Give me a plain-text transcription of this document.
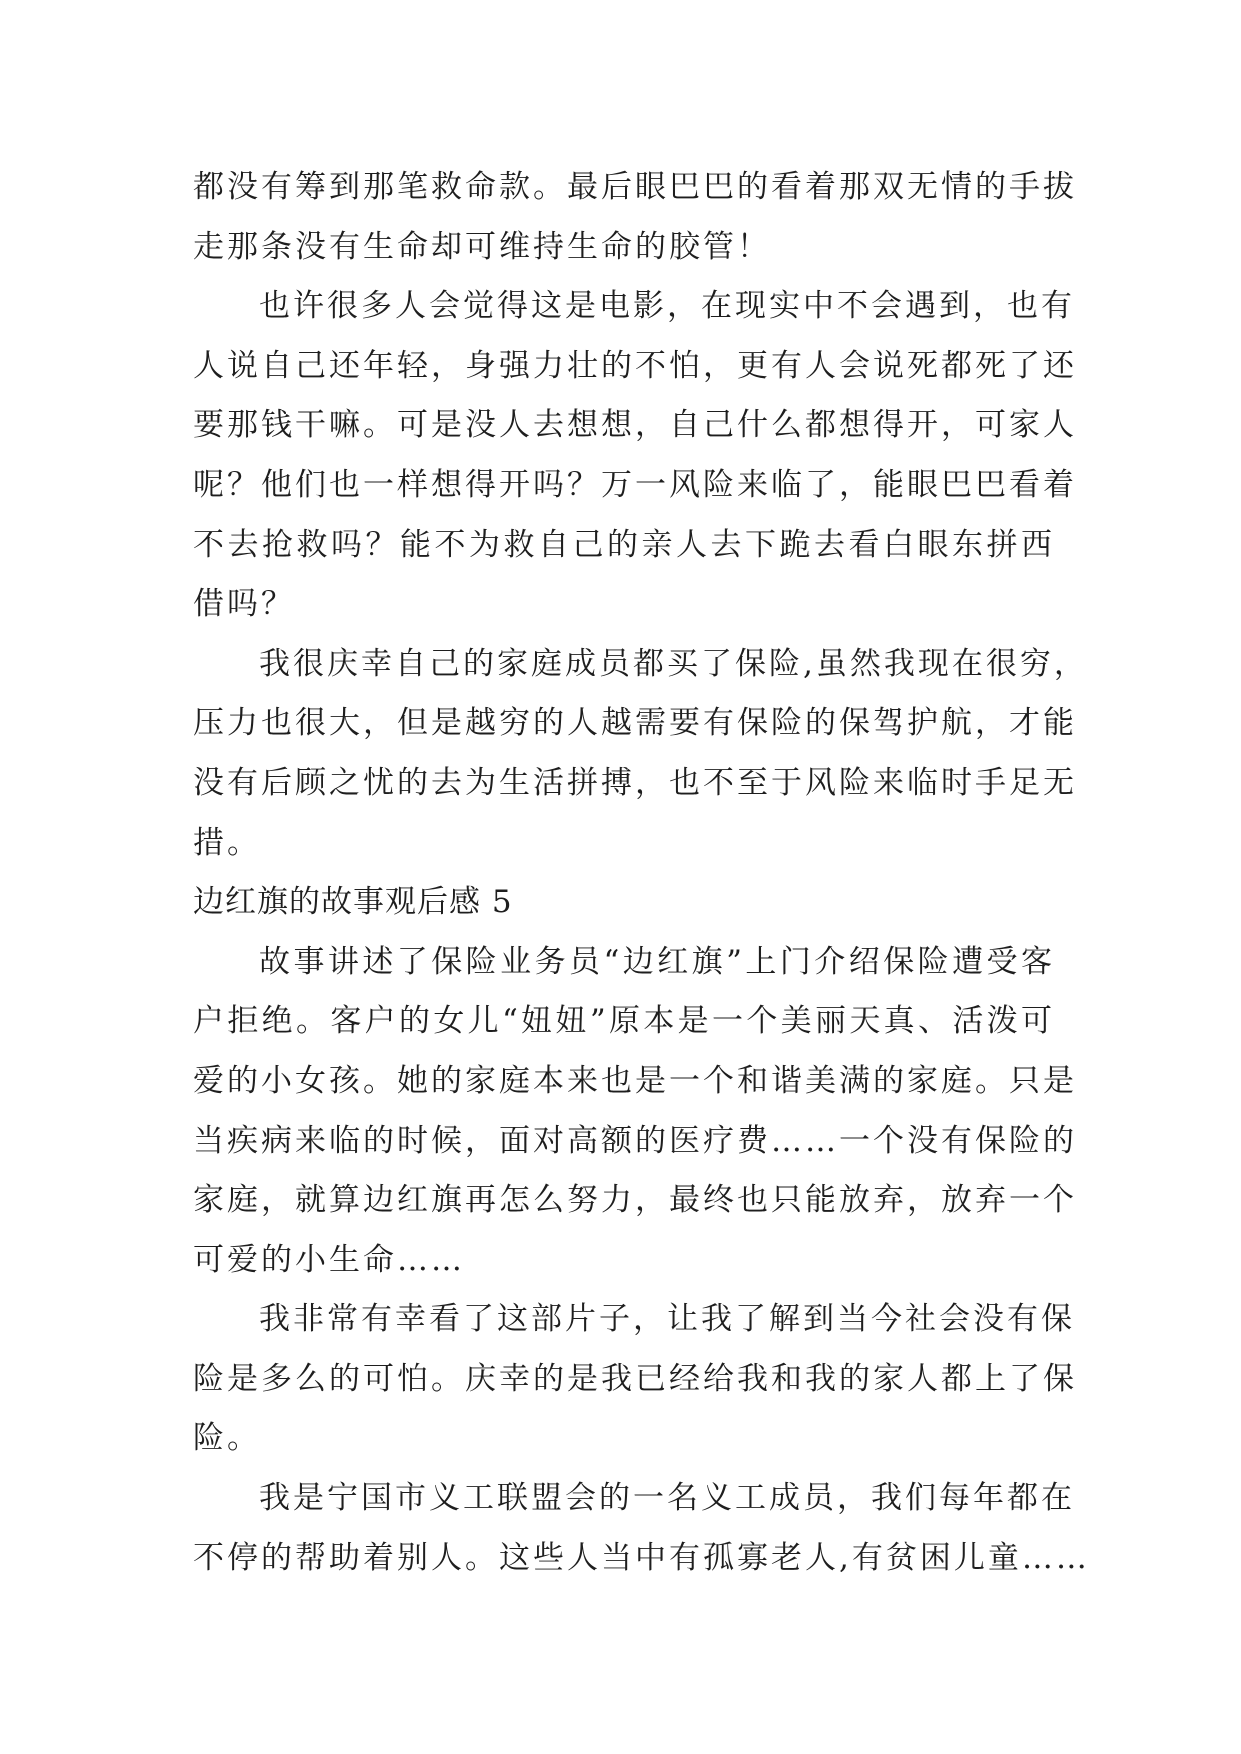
都没有筹到那笔救命款。最后眼巴巴的看着那双无情的手拔
走那条没有生命却可维持生命的胶管！
也许很多人会觉得这是电影，在现实中不会遇到，也有
人说自己还年轻，身强力壮的不怕，更有人会说死都死了还
要那钱干嘛。可是没人去想想，自己什么都想得开，可家人
呢？他们也一样想得开吗？万一风险来临了，能眼巴巴看着
不去抢救吗？能不为救自己的亲人去下跪去看白眼东拼西
借吗？
我很庆幸自己的家庭成员都买了保险,虽然我现在很穷，
压力也很大，但是越穷的人越需要有保险的保驾护航，才能
没有后顾之忧的去为生活拼搏，也不至于风险来临时手足无
措。
边红旗的故事观后感 5
故事讲述了保险业务员“边红旗”上门介绍保险遭受客
户拒绝。客户的女儿“妞妞”原本是一个美丽天真、活泼可
爱的小女孩。她的家庭本来也是一个和谐美满的家庭。只是
当疾病来临的时候，面对高额的医疗费……一个没有保险的
家庭，就算边红旗再怎么努力，最终也只能放弃，放弃一个
可爱的小生命……
我非常有幸看了这部片子，让我了解到当今社会没有保
险是多么的可怕。庆幸的是我已经给我和我的家人都上了保
险。
我是宁国市义工联盟会的一名义工成员，我们每年都在
不停的帮助着别人。这些人当中有孤寡老人,有贫困儿童……
